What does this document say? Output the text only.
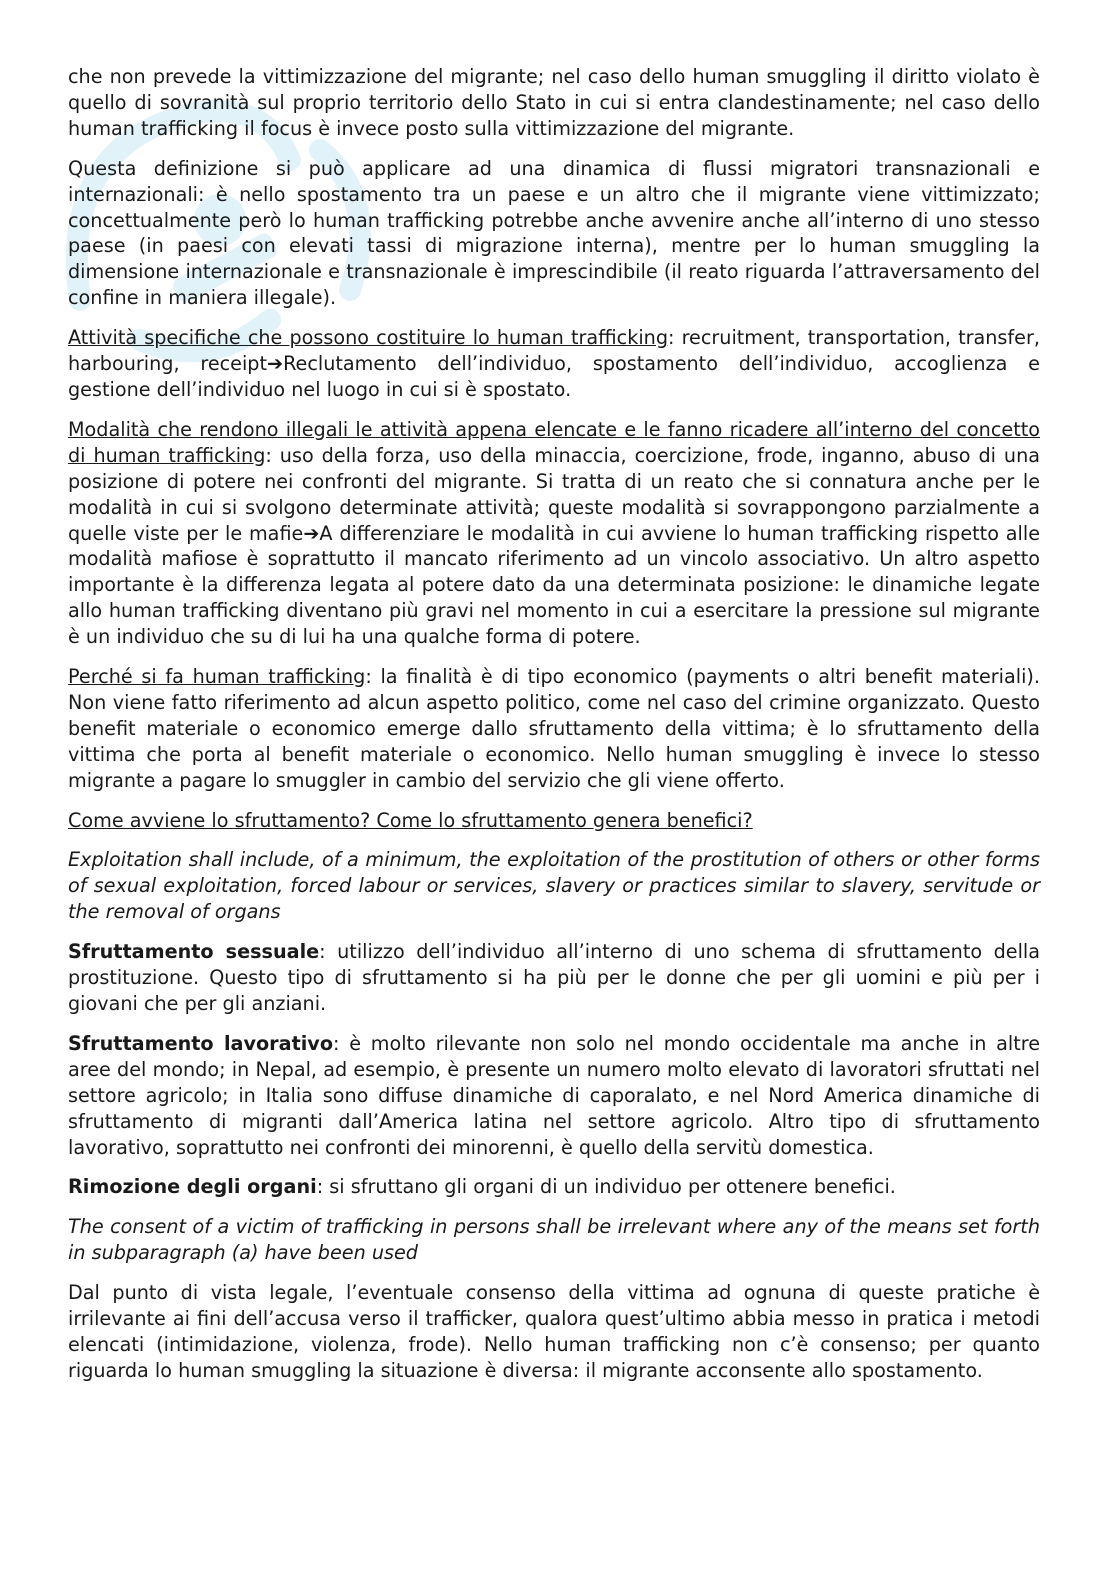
che non prevede la vittimizzazione del migrante; nel caso dello human smuggling il diritto violato è quello di sovranità sul proprio territorio dello Stato in cui si entra clandestinamente; nel caso dello human trafficking il focus è invece posto sulla vittimizzazione del migrante.

Questa definizione si può applicare ad una dinamica di flussi migratori transnazionali e internazionali: è nello spostamento tra un paese e un altro che il migrante viene vittimizzato; concettualmente però lo human trafficking potrebbe anche avvenire anche all’interno di uno stesso paese (in paesi con elevati tassi di migrazione interna), mentre per lo human smuggling la dimensione internazionale e transnazionale è imprescindibile (il reato riguarda l’attraversamento del confine in maniera illegale).

Attività specifiche che possono costituire lo human trafficking: recruitment, transportation, transfer, harbouring, receipt➔Reclutamento dell’individuo, spostamento dell’individuo, accoglienza e gestione dell’individuo nel luogo in cui si è spostato.

Modalità che rendono illegali le attività appena elencate e le fanno ricadere all’interno del concetto di human trafficking: uso della forza, uso della minaccia, coercizione, frode, inganno, abuso di una posizione di potere nei confronti del migrante. Si tratta di un reato che si connatura anche per le modalità in cui si svolgono determinate attività; queste modalità si sovrappongono parzialmente a quelle viste per le mafie➔A differenziare le modalità in cui avviene lo human trafficking rispetto alle modalità mafiose è soprattutto il mancato riferimento ad un vincolo associativo. Un altro aspetto importante è la differenza legata al potere dato da una determinata posizione: le dinamiche legate allo human trafficking diventano più gravi nel momento in cui a esercitare la pressione sul migrante è un individuo che su di lui ha una qualche forma di potere.

Perché si fa human trafficking: la finalità è di tipo economico (payments o altri benefit materiali). Non viene fatto riferimento ad alcun aspetto politico, come nel caso del crimine organizzato. Questo benefit materiale o economico emerge dallo sfruttamento della vittima; è lo sfruttamento della vittima che porta al benefit materiale o economico. Nello human smuggling è invece lo stesso migrante a pagare lo smuggler in cambio del servizio che gli viene offerto.

Come avviene lo sfruttamento? Come lo sfruttamento genera benefici?

Exploitation shall include, of a minimum, the exploitation of the prostitution of others or other forms of sexual exploitation, forced labour or services, slavery or practices similar to slavery, servitude or the removal of organs

Sfruttamento sessuale: utilizzo dell’individuo all’interno di uno schema di sfruttamento della prostituzione. Questo tipo di sfruttamento si ha più per le donne che per gli uomini e più per i giovani che per gli anziani.

Sfruttamento lavorativo: è molto rilevante non solo nel mondo occidentale ma anche in altre aree del mondo; in Nepal, ad esempio, è presente un numero molto elevato di lavoratori sfruttati nel settore agricolo; in Italia sono diffuse dinamiche di caporalato, e nel Nord America dinamiche di sfruttamento di migranti dall’America latina nel settore agricolo. Altro tipo di sfruttamento lavorativo, soprattutto nei confronti dei minorenni, è quello della servitù domestica.

Rimozione degli organi: si sfruttano gli organi di un individuo per ottenere benefici.

The consent of a victim of trafficking in persons shall be irrelevant where any of the means set forth in subparagraph (a) have been used

Dal punto di vista legale, l’eventuale consenso della vittima ad ognuna di queste pratiche è irrilevante ai fini dell’accusa verso il trafficker, qualora quest’ultimo abbia messo in pratica i metodi elencati (intimidazione, violenza, frode). Nello human trafficking non c’è consenso; per quanto riguarda lo human smuggling la situazione è diversa: il migrante acconsente allo spostamento.
